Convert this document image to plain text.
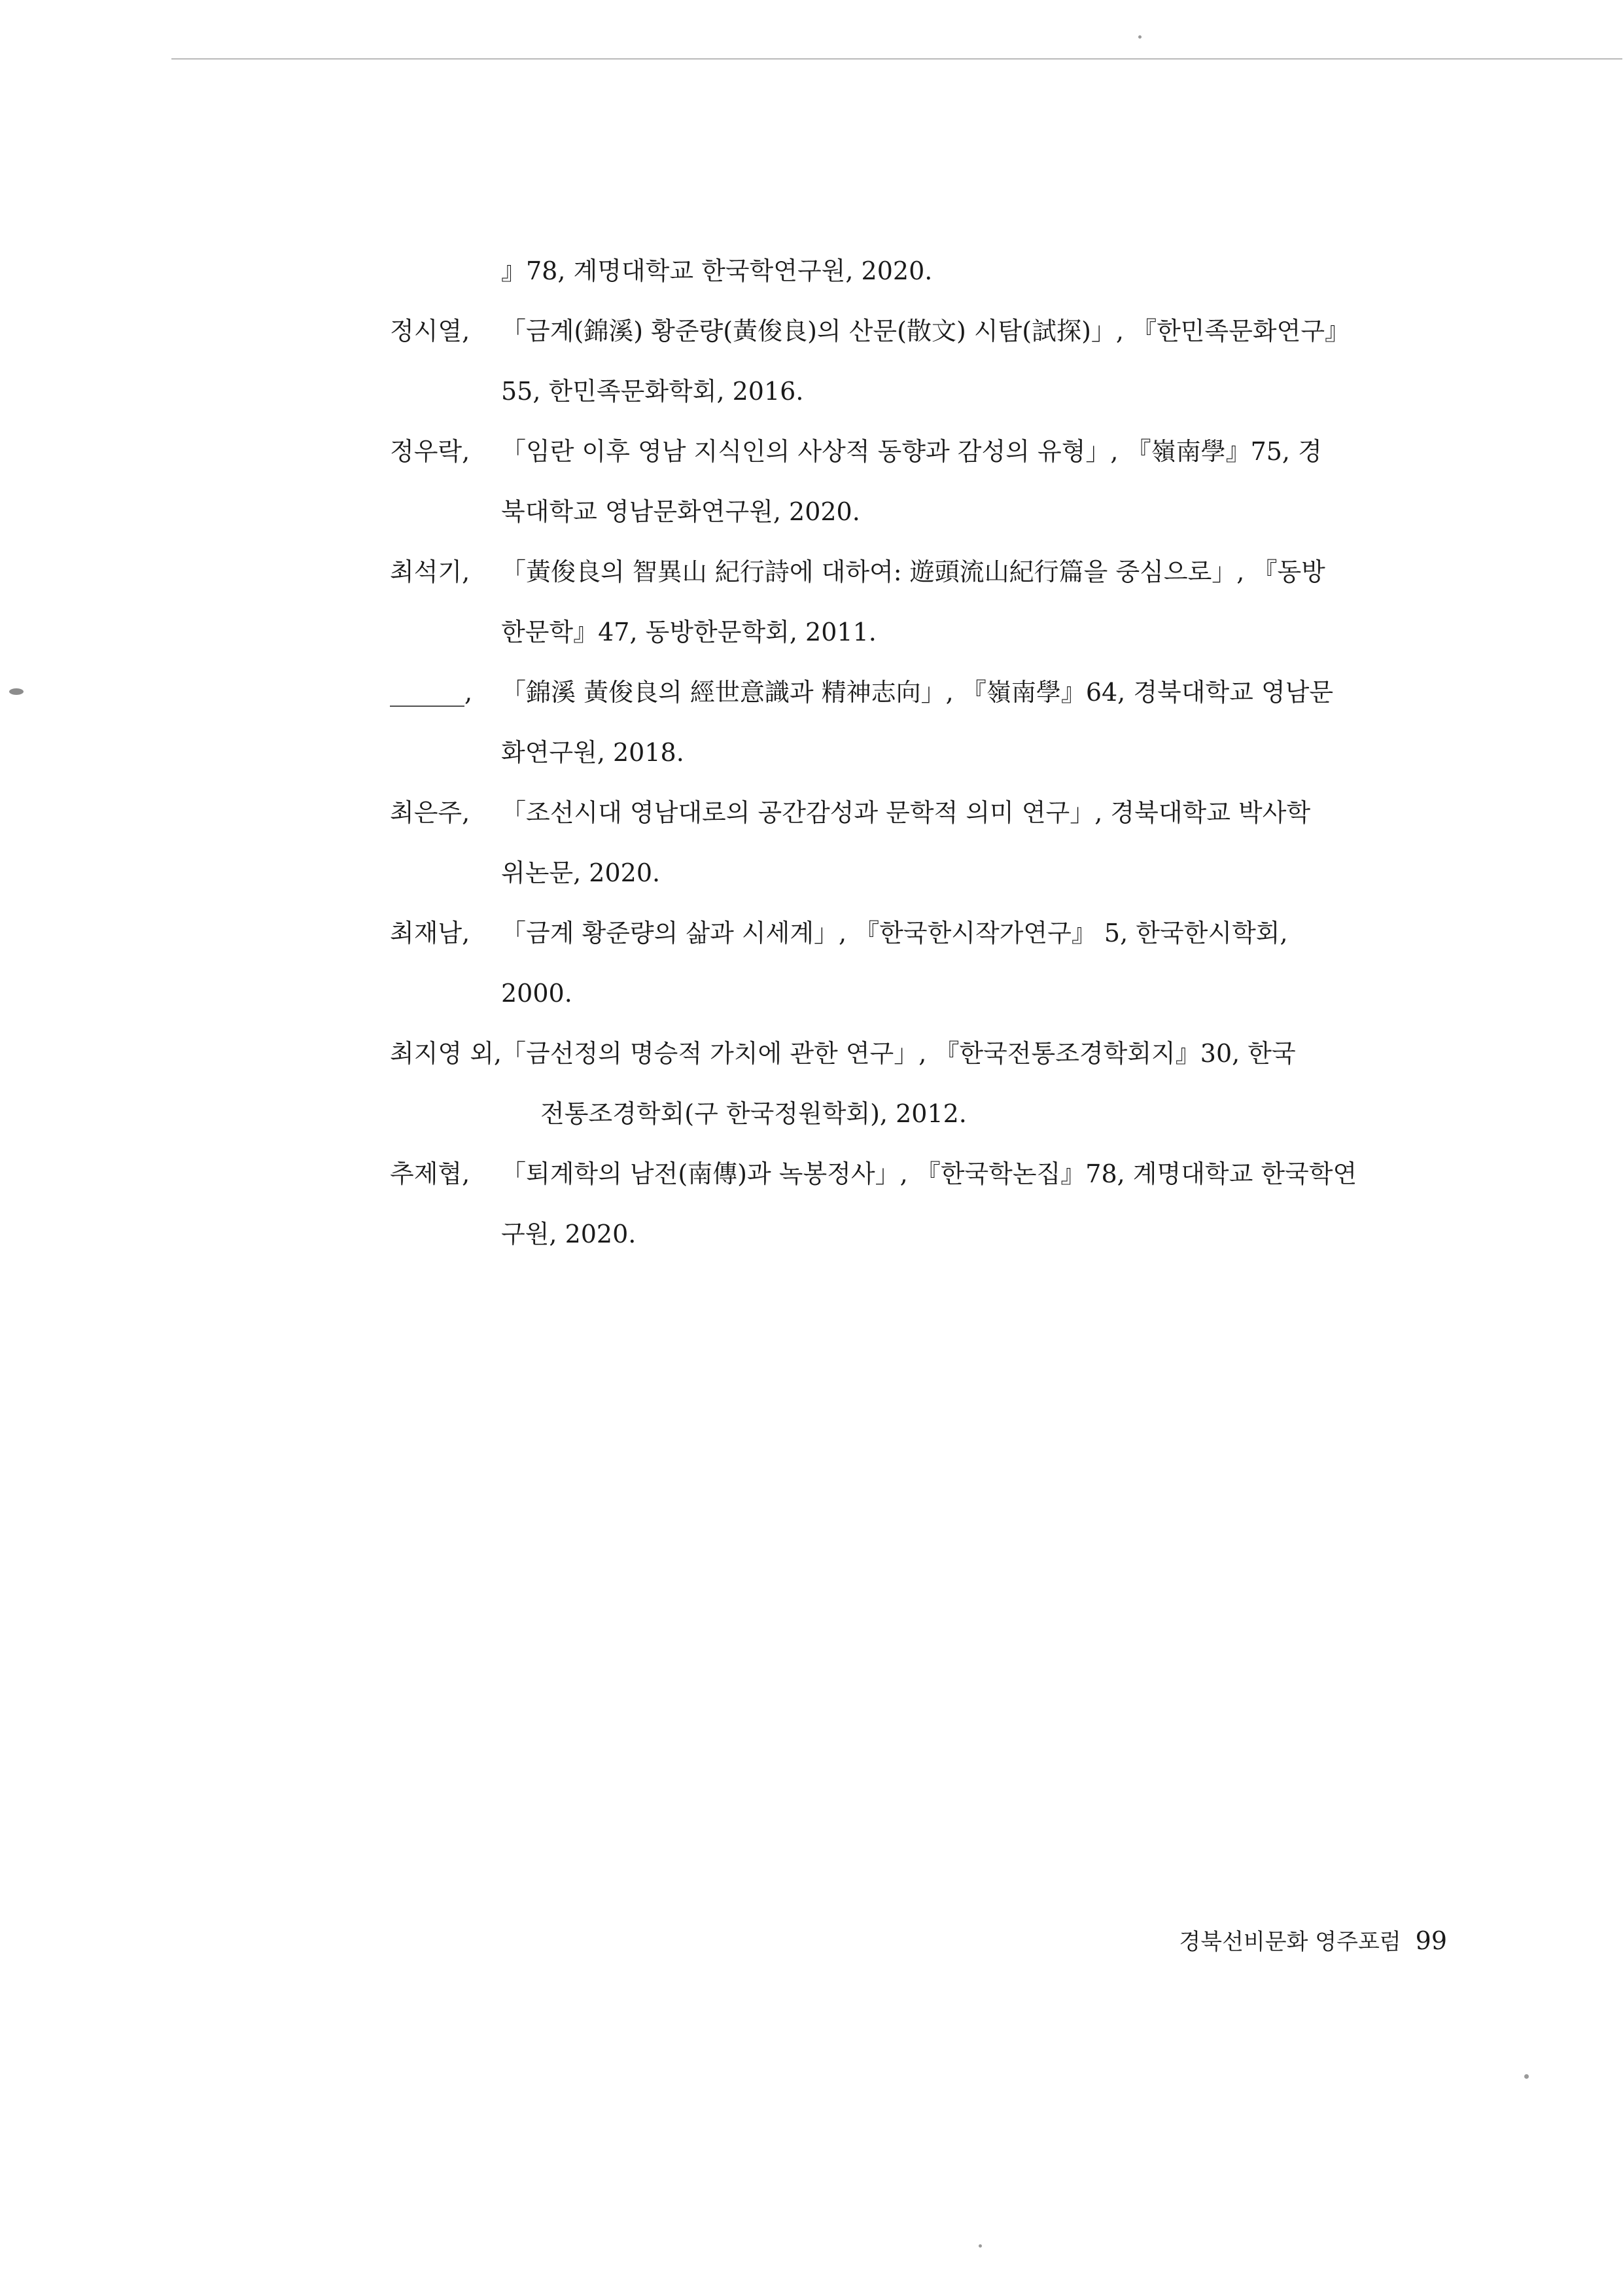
』78, 계명대학교 한국학연구원, 2020.
정시열,	「금계(錦溪) 황준량(黃俊良)의 산문(散文) 시탐(試探)」, 『한민족문화연구』
55, 한민족문화학회, 2016.
정우락,	「임란 이후 영남 지식인의 사상적 동향과 감성의 유형」, 『嶺南學』75, 경
북대학교 영남문화연구원, 2020.
최석기,	「黃俊良의 智異山 紀行詩에 대하여: 遊頭流山紀行篇을 중심으로」, 『동방
한문학』47, 동방한문학회, 2011.
______,	「錦溪 黃俊良의 經世意識과 精神志向」, 『嶺南學』64, 경북대학교 영남문
화연구원, 2018.
최은주,	「조선시대 영남대로의 공간감성과 문학적 의미 연구」, 경북대학교 박사학
위논문, 2020.
최재남,	「금계 황준량의 삶과 시세계」, 『한국한시작가연구』 5, 한국한시학회,
2000.
최지영 외, 「금선정의 명승적 가치에 관한 연구」, 『한국전통조경학회지』30, 한국
전통조경학회(구 한국정원학회), 2012.
추제협,	「퇴계학의 남전(南傳)과 녹봉정사」, 『한국학논집』78, 계명대학교 한국학연
구원, 2020.
경북선비문화 영주포럼 99
